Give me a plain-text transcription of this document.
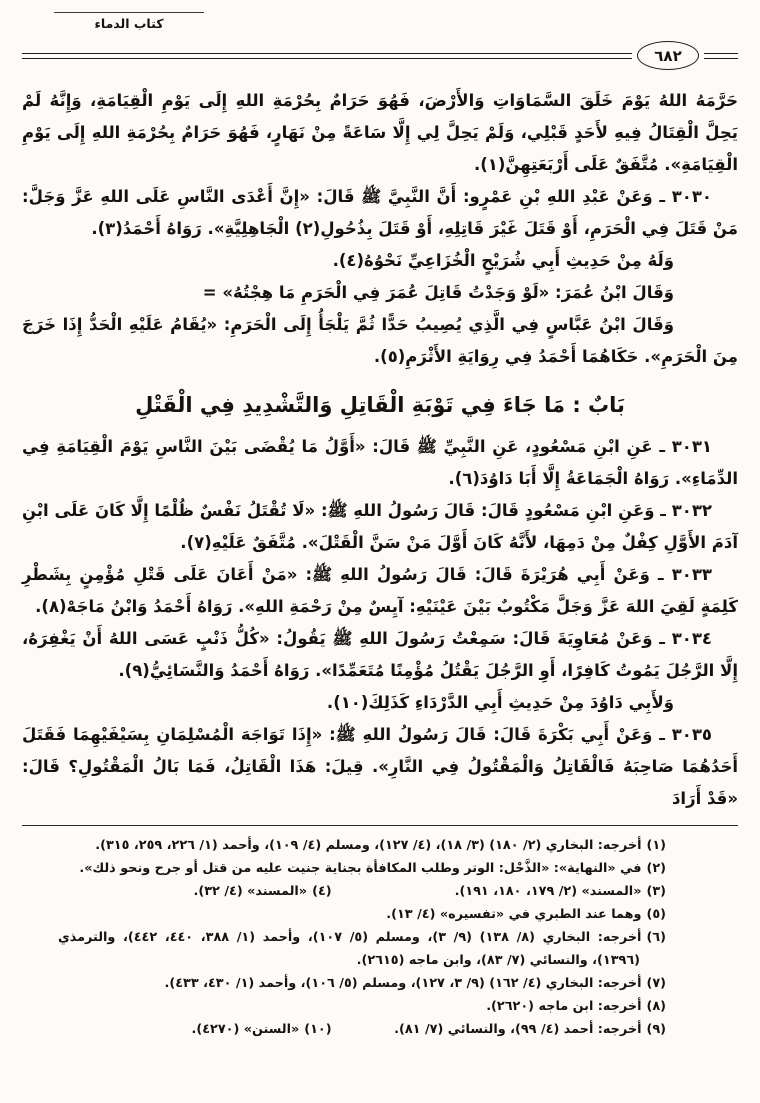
كتاب الدماء
٦٨٢

حَرَّمَهُ اللهُ يَوْمَ خَلَقَ السَّمَاوَاتِ وَالأَرْضَ، فَهُوَ حَرَامٌ بِحُرْمَةِ اللهِ إِلَى يَوْمِ الْقِيَامَةِ، وَإِنَّهُ لَمْ يَحِلَّ الْقِتَالُ فِيهِ لأَحَدٍ قَبْلِي، وَلَمْ يَحِلَّ لِي إِلَّا سَاعَةً مِنْ نَهَارٍ، فَهُوَ حَرَامٌ بِحُرْمَةِ اللهِ إِلَى يَوْمِ الْقِيَامَةِ». مُتَّفَقٌ عَلَى أَرْبَعَتِهِنَّ(١).

٣٠٣٠ ـ وَعَنْ عَبْدِ اللهِ بْنِ عَمْرٍو: أَنَّ النَّبِيَّ ﷺ قَالَ: «إِنَّ أَعْدَى النَّاسِ عَلَى اللهِ عَزَّ وَجَلَّ: مَنْ قَتَلَ فِي الْحَرَمِ، أَوْ قَتَلَ غَيْرَ قَاتِلِهِ، أَوْ قَتَلَ بِذُحُولِ(٢) الْجَاهِلِيَّةِ». رَوَاهُ أَحْمَدُ(٣).

وَلَهُ مِنْ حَدِيثِ أَبِي شُرَيْحٍ الْخُزَاعِيِّ نَحْوُهُ(٤).

وَقَالَ ابْنُ عُمَرَ: «لَوْ وَجَدْتُ قَاتِلَ عُمَرَ فِي الْحَرَمِ مَا هِجْتُهُ» =

وَقَالَ ابْنُ عَبَّاسٍ فِي الَّذِي يُصِيبُ حَدًّا ثُمَّ يَلْجَأُ إِلَى الْحَرَمِ: «يُقَامُ عَلَيْهِ الْحَدُّ إِذَا خَرَجَ مِنَ الْحَرَمِ». حَكَاهُمَا أَحْمَدُ فِي رِوَايَةِ الأَثْرَمِ(٥).

بَابٌ : مَا جَاءَ فِي تَوْبَةِ الْقَاتِلِ وَالتَّشْدِيدِ فِي الْقَتْلِ

٣٠٣١ ـ عَنِ ابْنِ مَسْعُودٍ، عَنِ النَّبِيِّ ﷺ قَالَ: «أَوَّلُ مَا يُقْضَى بَيْنَ النَّاسِ يَوْمَ الْقِيَامَةِ فِي الدِّمَاءِ». رَوَاهُ الْجَمَاعَةُ إِلَّا أَبَا دَاوُدَ(٦).

٣٠٣٢ ـ وَعَنِ ابْنِ مَسْعُودٍ قَالَ: قَالَ رَسُولُ اللهِ ﷺ: «لَا تُقْتَلُ نَفْسٌ ظُلْمًا إِلَّا كَانَ عَلَى ابْنِ آدَمَ الأَوَّلِ كِفْلٌ مِنْ دَمِهَا، لأَنَّهُ كَانَ أَوَّلَ مَنْ سَنَّ الْقَتْلَ». مُتَّفَقٌ عَلَيْهِ(٧).

٣٠٣٣ ـ وَعَنْ أَبِي هُرَيْرَةَ قَالَ: قَالَ رَسُولُ اللهِ ﷺ: «مَنْ أَعَانَ عَلَى قَتْلِ مُؤْمِنٍ بِشَطْرِ كَلِمَةٍ لَقِيَ اللهَ عَزَّ وَجَلَّ مَكْتُوبٌ بَيْنَ عَيْنَيْهِ: آيِسٌ مِنْ رَحْمَةِ اللهِ». رَوَاهُ أَحْمَدُ وَابْنُ مَاجَهْ(٨).

٣٠٣٤ ـ وَعَنْ مُعَاوِيَةَ قَالَ: سَمِعْتُ رَسُولَ اللهِ ﷺ يَقُولُ: «كُلُّ ذَنْبٍ عَسَى اللهُ أَنْ يَغْفِرَهُ، إِلَّا الرَّجُلَ يَمُوتُ كَافِرًا، أَوِ الرَّجُلَ يَقْتُلُ مُؤْمِنًا مُتَعَمِّدًا». رَوَاهُ أَحْمَدُ وَالنَّسَائِيُّ(٩).

وَلأَبِي دَاوُدَ مِنْ حَدِيثِ أَبِي الدَّرْدَاءِ كَذَلِكَ(١٠).

٣٠٣٥ ـ وَعَنْ أَبِي بَكْرَةَ قَالَ: قَالَ رَسُولُ اللهِ ﷺ: «إِذَا تَوَاجَهَ الْمُسْلِمَانِ بِسَيْفَيْهِمَا فَقَتَلَ أَحَدُهُمَا صَاحِبَهُ فَالْقَاتِلُ وَالْمَقْتُولُ فِي النَّارِ». قِيلَ: هَذَا الْقَاتِلُ، فَمَا بَالُ الْمَقْتُولِ؟ قَالَ: «قَدْ أَرَادَ

(١)أخرجه: البخاري (٢/ ١٨٠) (٣/ ١٨)، (٤/ ١٢٧)، ومسلم (٤/ ١٠٩)، وأحمد (١/ ٢٢٦، ٢٥٩، ٣١٥).
(٢)في «النهاية»: «الذَّحْل: الوتر وطلب المكافأة بجناية جنيت عليه من قتل أو جرح ونحو ذلك».
(٣)«المسند» (٢/ ١٧٩، ١٨٠، ١٩١).
(٤)«المسند» (٤/ ٣٢).
(٥)وهما عند الطبري في «تفسيره» (٤/ ١٣).
(٦)أخرجه: البخاري (٨/ ١٣٨) (٩/ ٣)، ومسلم (٥/ ١٠٧)، وأحمد (١/ ٣٨٨، ٤٤٠، ٤٤٢)، والترمذي (١٣٩٦)، والنسائي (٧/ ٨٣)، وابن ماجه (٢٦١٥).
(٧)أخرجه: البخاري (٤/ ١٦٢) (٩/ ٣، ١٢٧)، ومسلم (٥/ ١٠٦)، وأحمد (١/ ٤٣٠، ٤٣٣).
(٨)أخرجه: ابن ماجه (٢٦٢٠).
(٩)أخرجه: أحمد (٤/ ٩٩)، والنسائي (٧/ ٨١).
(١٠)«السنن» (٤٢٧٠).
